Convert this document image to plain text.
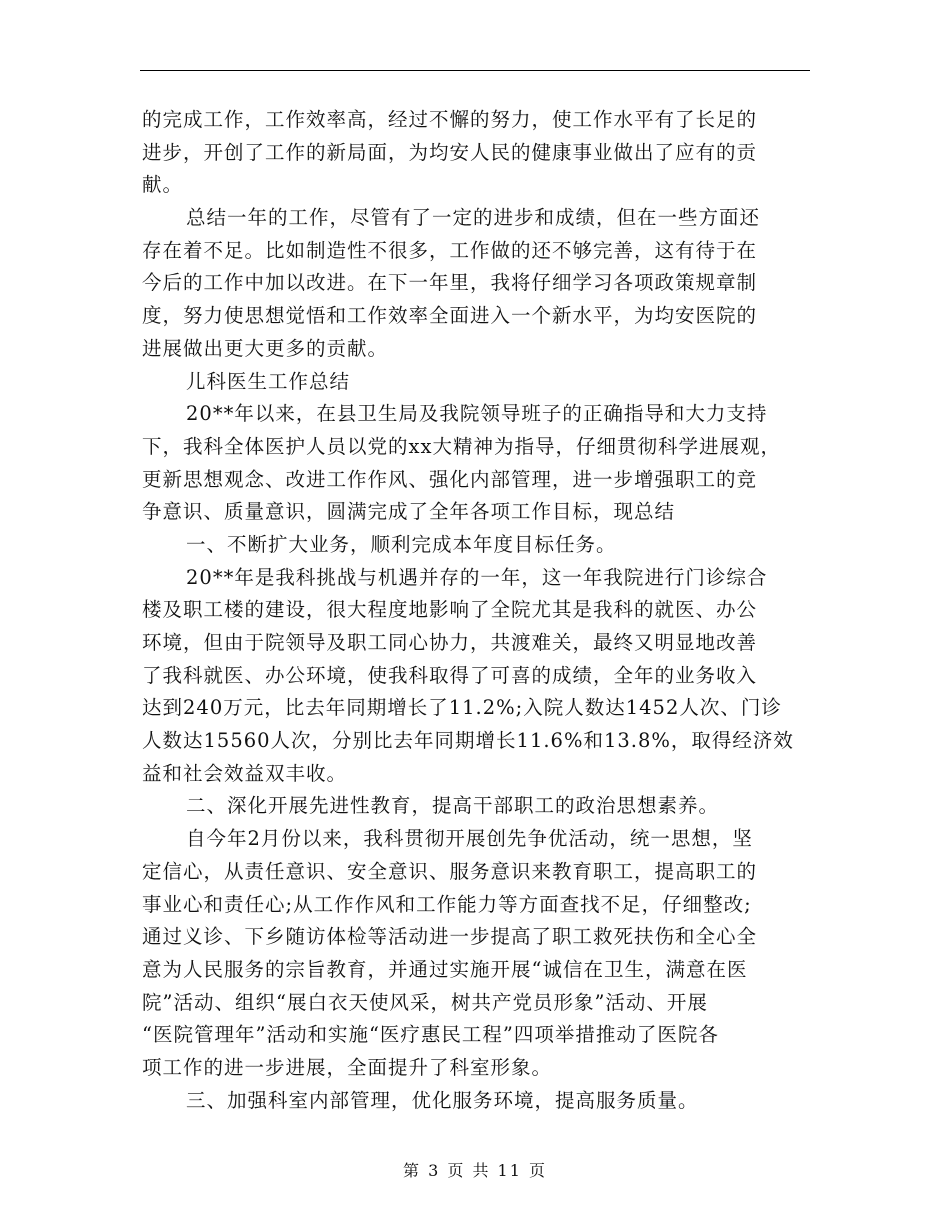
的完成工作，工作效率高，经过不懈的努力，使工作水平有了长足的
进步，开创了工作的新局面，为均安人民的健康事业做出了应有的贡
献。
总结一年的工作，尽管有了一定的进步和成绩，但在一些方面还
存在着不足。比如制造性不很多，工作做的还不够完善，这有待于在
今后的工作中加以改进。在下一年里，我将仔细学习各项政策规章制
度，努力使思想觉悟和工作效率全面进入一个新水平，为均安医院的
进展做出更大更多的贡献。
儿科医生工作总结
20**年以来，在县卫生局及我院领导班子的正确指导和大力支持
下，我科全体医护人员以党的xx大精神为指导，仔细贯彻科学进展观，
更新思想观念、改进工作作风、强化内部管理，进一步增强职工的竞
争意识、质量意识，圆满完成了全年各项工作目标，现总结
一、不断扩大业务，顺利完成本年度目标任务。
20**年是我科挑战与机遇并存的一年，这一年我院进行门诊综合
楼及职工楼的建设，很大程度地影响了全院尤其是我科的就医、办公
环境，但由于院领导及职工同心协力，共渡难关，最终又明显地改善
了我科就医、办公环境，使我科取得了可喜的成绩，全年的业务收入
达到240万元，比去年同期增长了11.2%;入院人数达1452人次、门诊
人数达15560人次，分别比去年同期增长11.6%和13.8%，取得经济效
益和社会效益双丰收。
二、深化开展先进性教育，提高干部职工的政治思想素养。
自今年2月份以来，我科贯彻开展创先争优活动，统一思想，坚
定信心，从责任意识、安全意识、服务意识来教育职工，提高职工的
事业心和责任心;从工作作风和工作能力等方面查找不足，仔细整改;
通过义诊、下乡随访体检等活动进一步提高了职工救死扶伤和全心全
意为人民服务的宗旨教育，并通过实施开展“诚信在卫生，满意在医
院”活动、组织“展白衣天使风采，树共产党员形象”活动、开展
“医院管理年”活动和实施“医疗惠民工程”四项举措推动了医院各
项工作的进一步进展，全面提升了科室形象。
三、加强科室内部管理，优化服务环境，提高服务质量。
第 3 页 共 11 页
